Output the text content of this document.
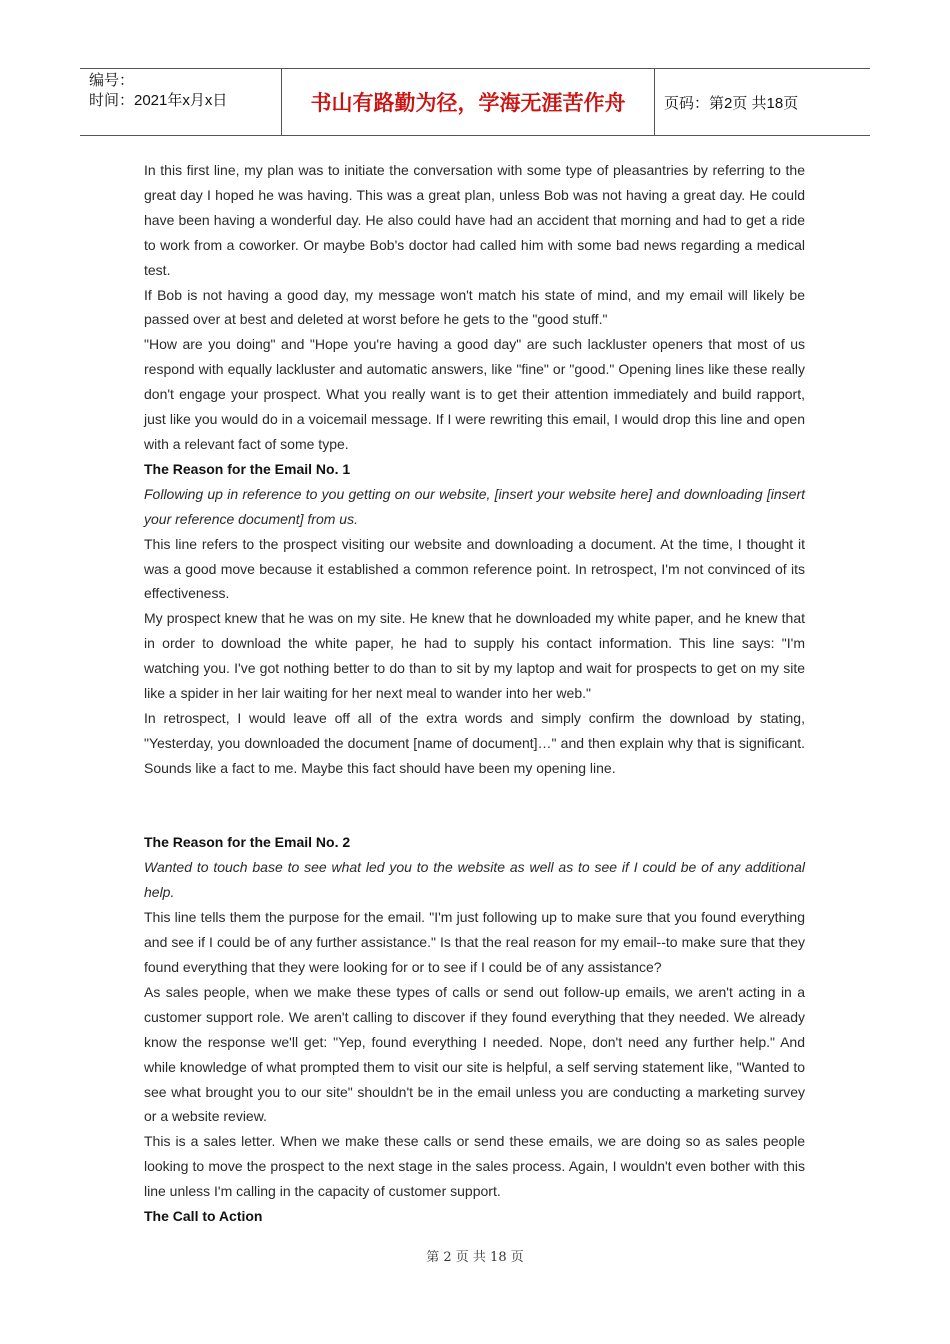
编号：
时间：2021年x月x日	书山有路勤为径，学海无涯苦作舟	页码：第2页 共18页

In this first line, my plan was to initiate the conversation with some type of pleasantries by referring to the great day I hoped he was having. This was a great plan, unless Bob was not having a great day. He could have been having a wonderful day. He also could have had an accident that morning and had to get a ride to work from a coworker. Or maybe Bob's doctor had called him with some bad news regarding a medical test.

If Bob is not having a good day, my message won't match his state of mind, and my email will likely be passed over at best and deleted at worst before he gets to the "good stuff."

"How are you doing" and "Hope you're having a good day" are such lackluster openers that most of us respond with equally lackluster and automatic answers, like "fine" or "good." Opening lines like these really don't engage your prospect. What you really want is to get their attention immediately and build rapport, just like you would do in a voicemail message. If I were rewriting this email, I would drop this line and open with a relevant fact of some type.

The Reason for the Email No. 1

Following up in reference to you getting on our website, [insert your website here] and downloading [insert your reference document] from us.

This line refers to the prospect visiting our website and downloading a document. At the time, I thought it was a good move because it established a common reference point. In retrospect, I'm not convinced of its effectiveness.

My prospect knew that he was on my site. He knew that he downloaded my white paper, and he knew that in order to download the white paper, he had to supply his contact information. This line says: "I'm watching you. I've got nothing better to do than to sit by my laptop and wait for prospects to get on my site like a spider in her lair waiting for her next meal to wander into her web."

In retrospect, I would leave off all of the extra words and simply confirm the download by stating, "Yesterday, you downloaded the document [name of document]…" and then explain why that is significant. Sounds like a fact to me. Maybe this fact should have been my opening line.

The Reason for the Email No. 2

Wanted to touch base to see what led you to the website as well as to see if I could be of any additional help.

This line tells them the purpose for the email. "I'm just following up to make sure that you found everything and see if I could be of any further assistance." Is that the real reason for my email--to make sure that they found everything that they were looking for or to see if I could be of any assistance?

As sales people, when we make these types of calls or send out follow-up emails, we aren't acting in a customer support role. We aren't calling to discover if they found everything that they needed. We already know the response we'll get: "Yep, found everything I needed. Nope, don't need any further help." And while knowledge of what prompted them to visit our site is helpful, a self serving statement like, "Wanted to see what brought you to our site" shouldn't be in the email unless you are conducting a marketing survey or a website review.

This is a sales letter. When we make these calls or send these emails, we are doing so as sales people looking to move the prospect to the next stage in the sales process. Again, I wouldn't even bother with this line unless I'm calling in the capacity of customer support.

The Call to Action

第 2 页 共 18 页
